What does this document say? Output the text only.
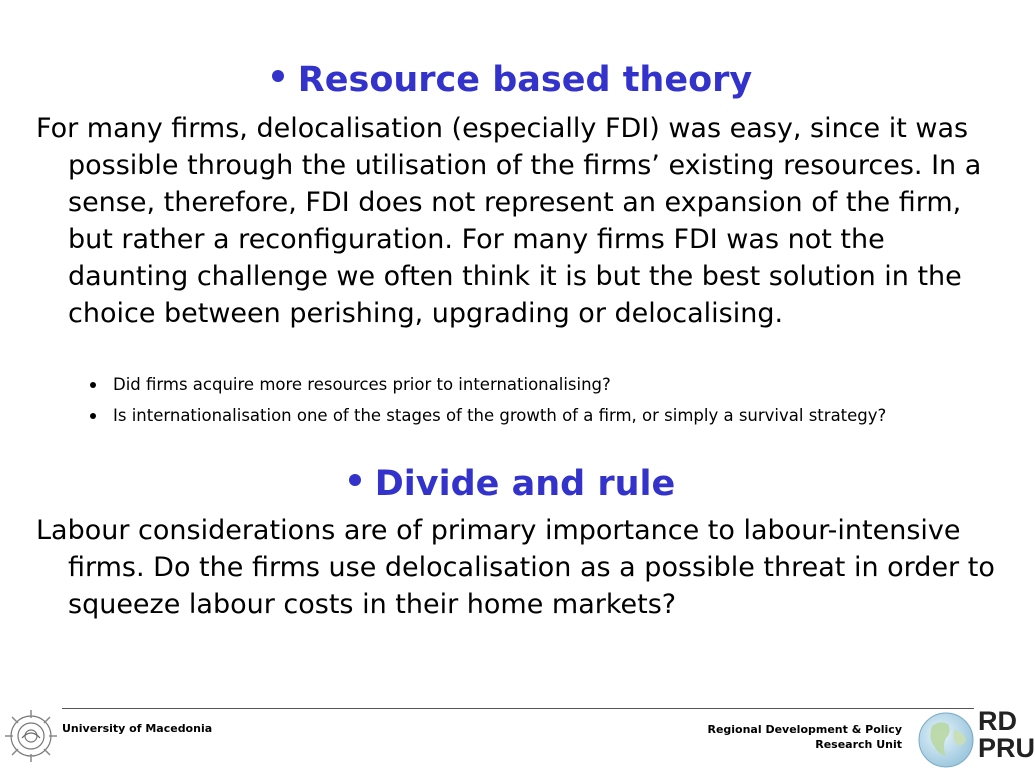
Resource based theory

For many firms, delocalisation (especially FDI) was easy, since it was possible through the utilisation of the firms’ existing resources. In a sense, therefore, FDI does not represent an expansion of the firm, but rather a reconfiguration. For many firms FDI was not the daunting challenge we often think it is but the best solution in the choice between perishing, upgrading or delocalising.

Did firms acquire more resources prior to internationalising?
Is internationalisation one of the stages of the growth of a firm, or simply a survival strategy?
Divide and rule

Labour considerations are of primary importance to labour-intensive firms. Do the firms use delocalisation as a possible threat in order to squeeze labour costs in their home markets?

University of Macedonia	Regional Development & Policy
Research Unit
RD
PRU
